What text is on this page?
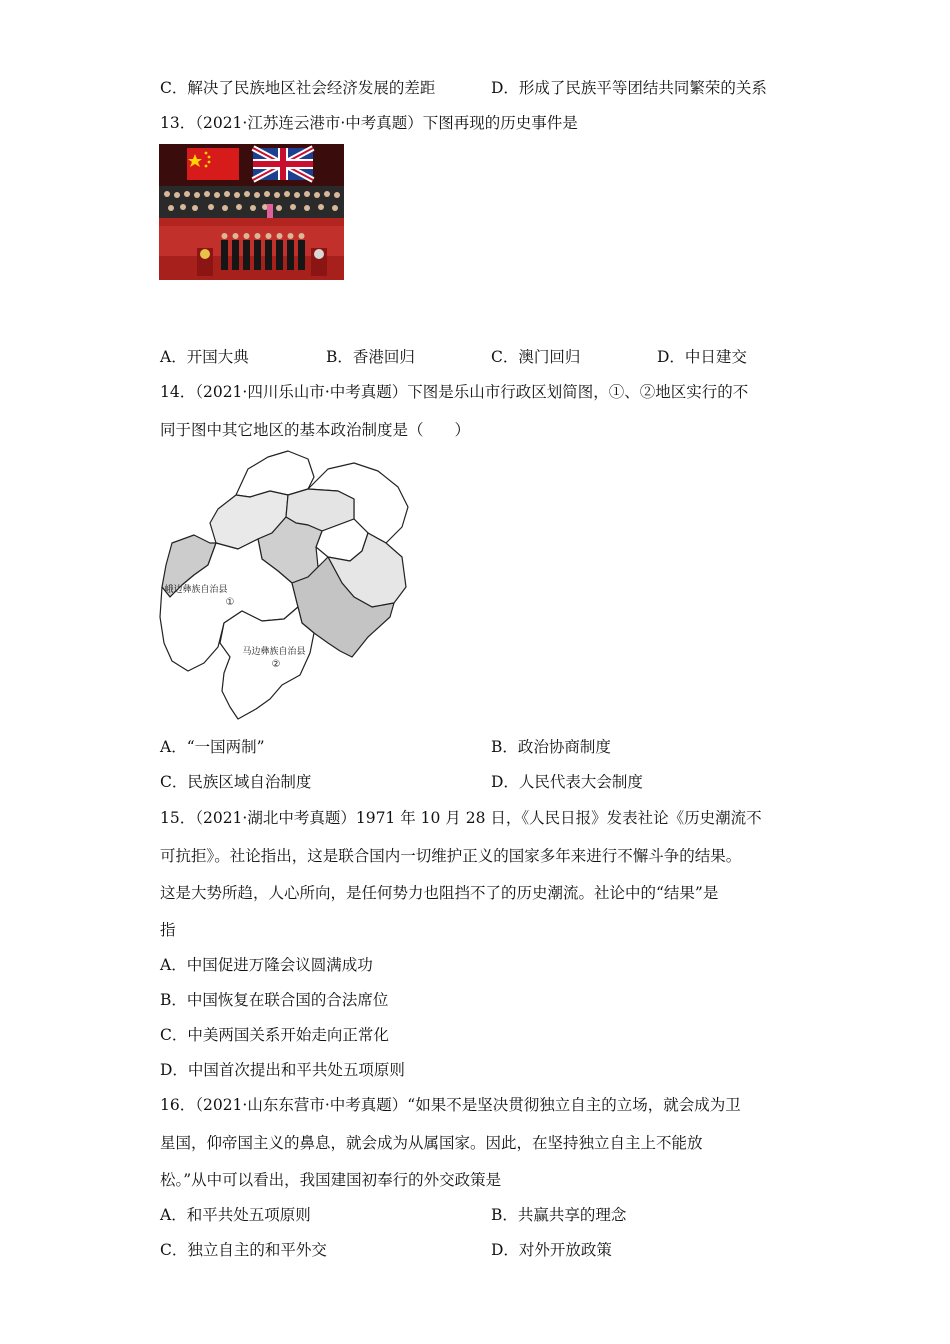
C．解决了民族地区社会经济发展的差距	D．形成了民族平等团结共同繁荣的关系
13．（2021·江苏连云港市·中考真题）下图再现的历史事件是
A．开国大典	B．香港回归	C．澳门回归	D．中日建交
14．（2021·四川乐山市·中考真题）下图是乐山市行政区划简图，①、②地区实行的不
同于图中其它地区的基本政治制度是（　　）
峨边彝族自治县
①
马边彝族自治县
②
A．“一国两制”	B．政治协商制度
C．民族区域自治制度	D．人民代表大会制度
15．（2021·湖北中考真题）1971 年 10 月 28 日，《人民日报》发表社论《历史潮流不
可抗拒》。社论指出，这是联合国内一切维护正义的国家多年来进行不懈斗争的结果。
这是大势所趋，人心所向，是任何势力也阻挡不了的历史潮流。社论中的“结果”是
指
A．中国促进万隆会议圆满成功
B．中国恢复在联合国的合法席位
C．中美两国关系开始走向正常化
D．中国首次提出和平共处五项原则
16．（2021·山东东营市·中考真题）“如果不是坚决贯彻独立自主的立场，就会成为卫
星国，仰帝国主义的鼻息，就会成为从属国家。因此，在坚持独立自主上不能放
松。”从中可以看出，我国建国初奉行的外交政策是
A．和平共处五项原则	B．共赢共享的理念
C．独立自主的和平外交	D．对外开放政策
